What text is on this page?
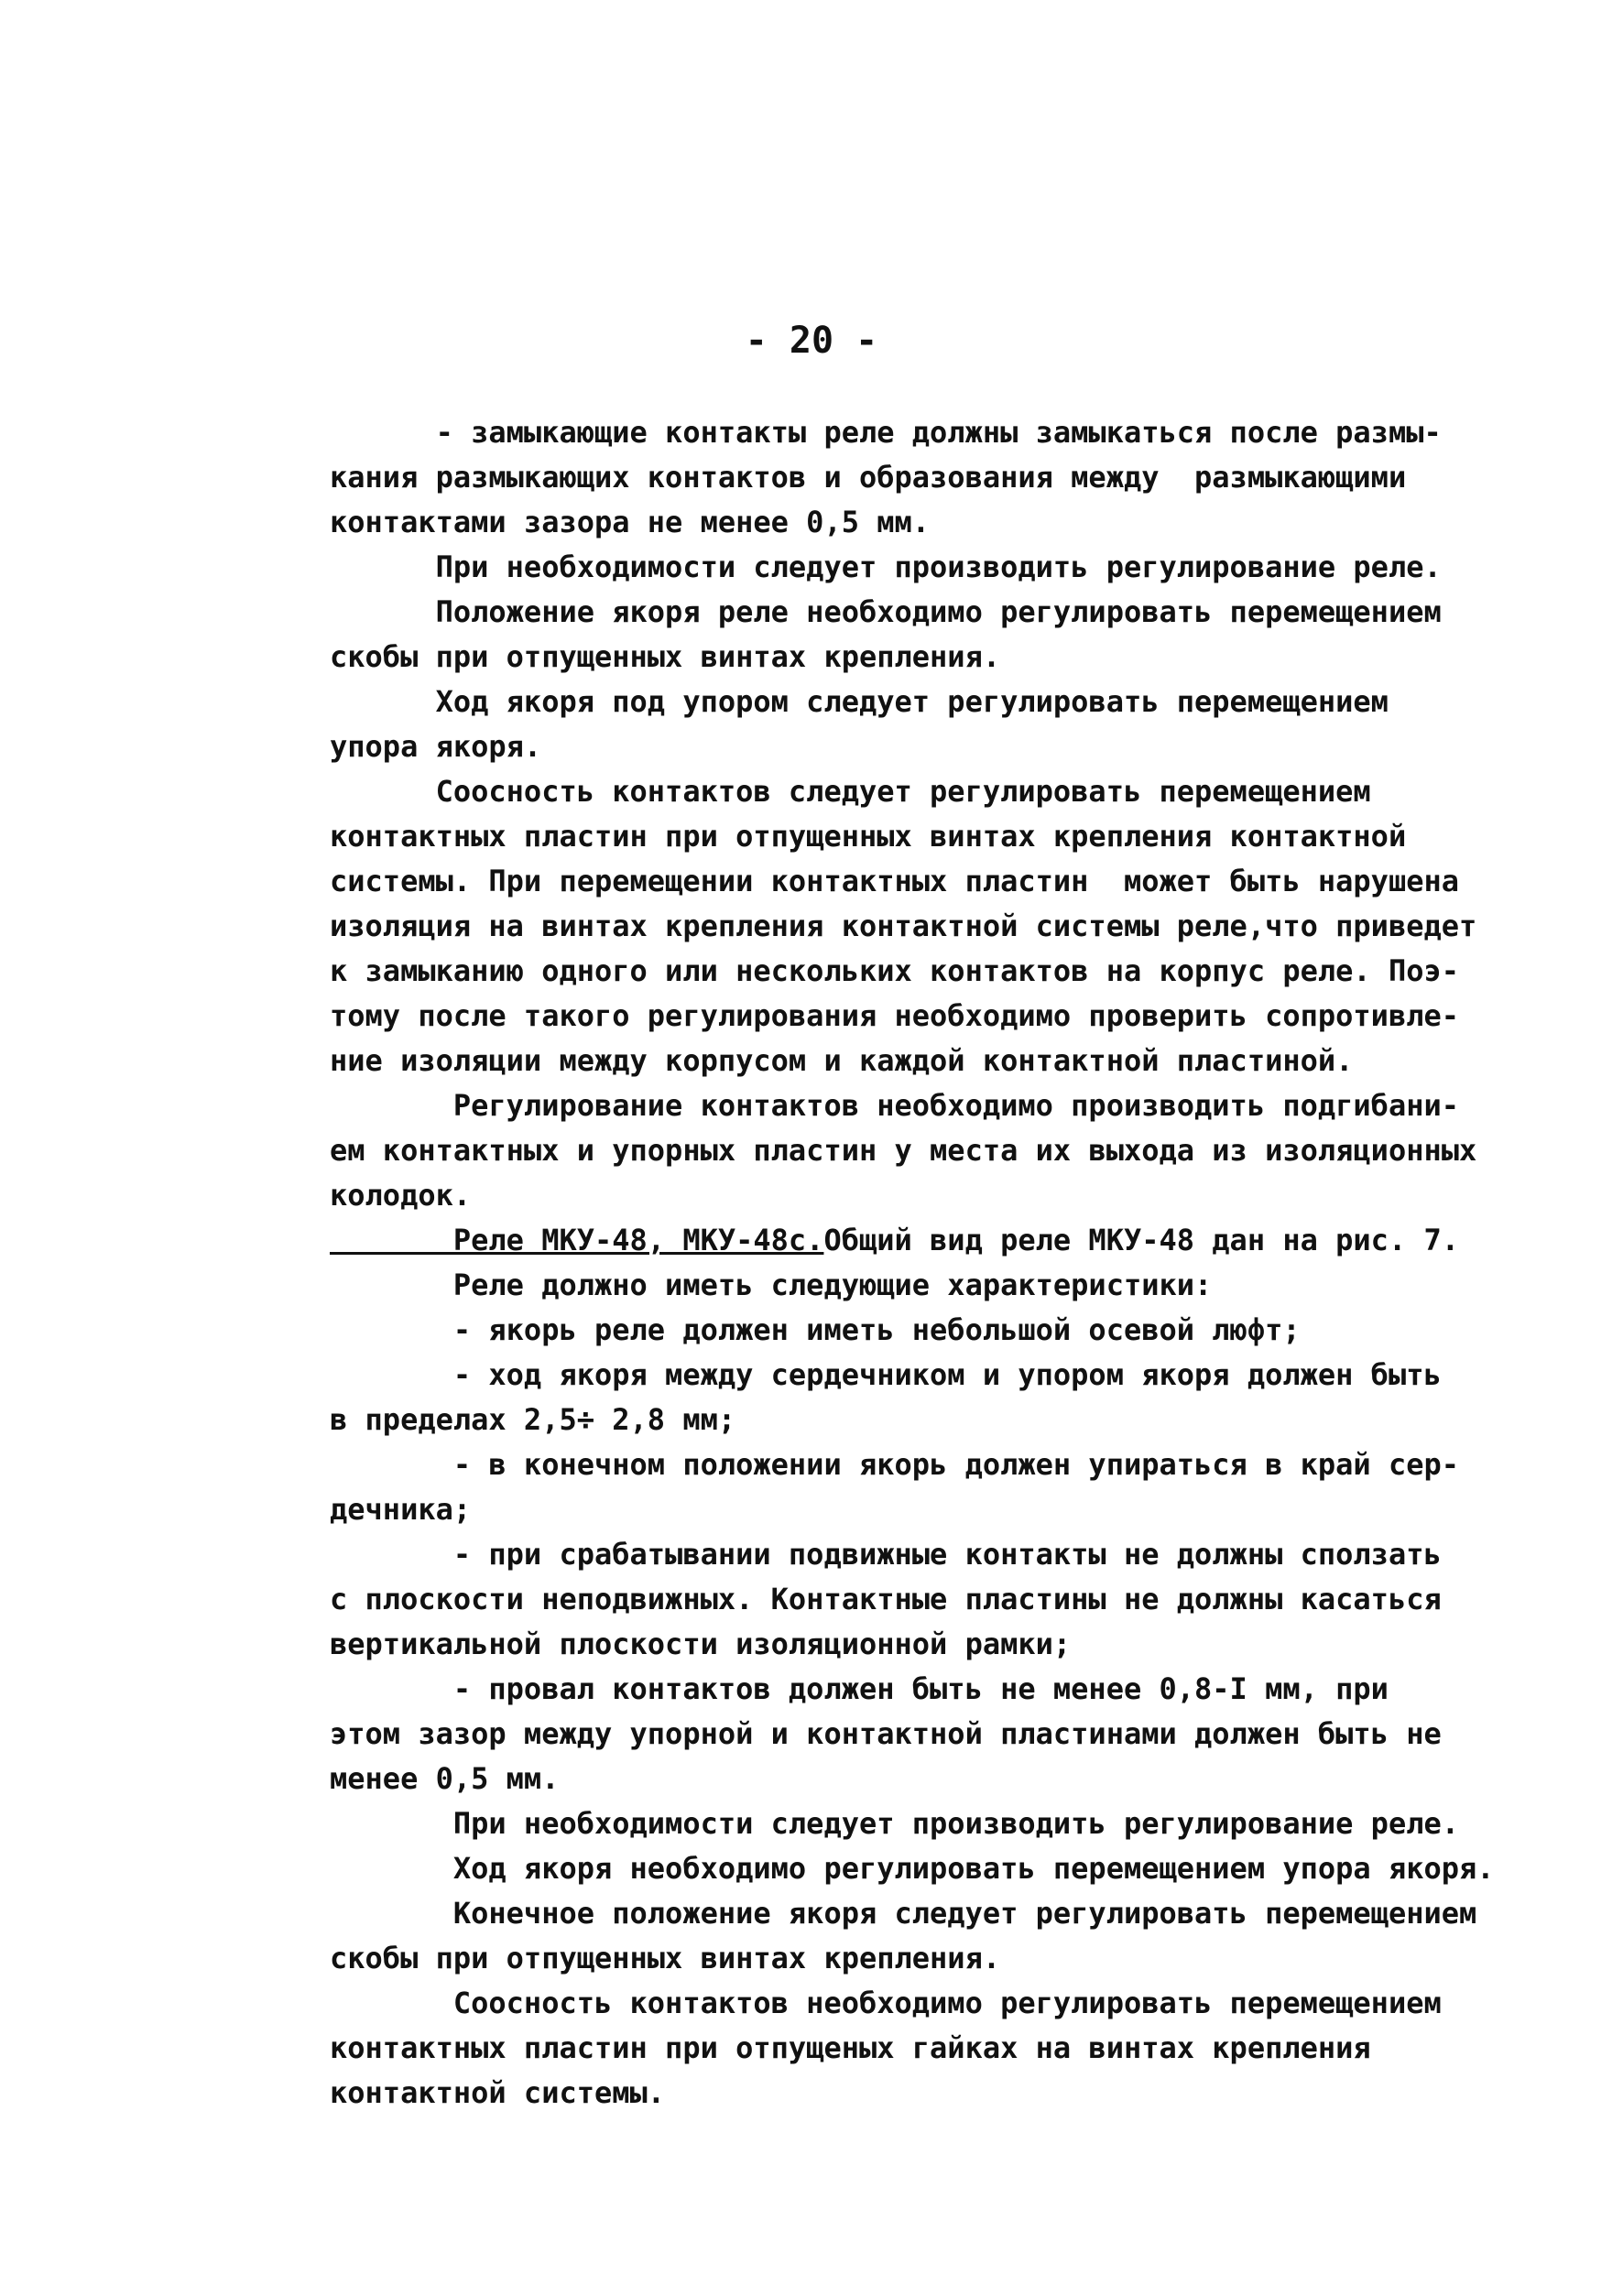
- 20 -
- замыкающие контакты реле должны замыкаться после размы-
кания размыкающих контактов и образования между  размыкающими
контактами зазора не менее 0,5 мм.
При необходимости следует производить регулирование реле.
Положение якоря реле необходимо регулировать перемещением
скобы при отпущенных винтах крепления.
Ход якоря под упором следует регулировать перемещением
упора якоря.
Соосность контактов следует регулировать перемещением
контактных пластин при отпущенных винтах крепления контактной
системы. При перемещении контактных пластин  может быть нарушена
изоляция на винтах крепления контактной системы реле,что приведет
к замыканию одного или нескольких контактов на корпус реле. Поэ-
тому после такого регулирования необходимо проверить сопротивле-
ние изоляции между корпусом и каждой контактной пластиной.
Регулирование контактов необходимо производить подгибани-
ем контактных и упорных пластин у места их выхода из изоляционных
колодок.
Реле МКУ-48, МКУ-48с.Общий вид реле МКУ-48 дан на рис. 7.
Реле должно иметь следующие характеристики:
- якорь реле должен иметь небольшой осевой люфт;
- ход якоря между сердечником и упором якоря должен быть
в пределах 2,5÷ 2,8 мм;
- в конечном положении якорь должен упираться в край сер-
дечника;
- при срабатывании подвижные контакты не должны сползать
с плоскости неподвижных. Контактные пластины не должны касаться
вертикальной плоскости изоляционной рамки;
- провал контактов должен быть не менее 0,8-I мм, при
этом зазор между упорной и контактной пластинами должен быть не
менее 0,5 мм.
При необходимости следует производить регулирование реле.
Ход якоря необходимо регулировать перемещением упора якоря.
Конечное положение якоря следует регулировать перемещением
скобы при отпущенных винтах крепления.
Соосность контактов необходимо регулировать перемещением
контактных пластин при отпущеных гайках на винтах крепления
контактной системы.
